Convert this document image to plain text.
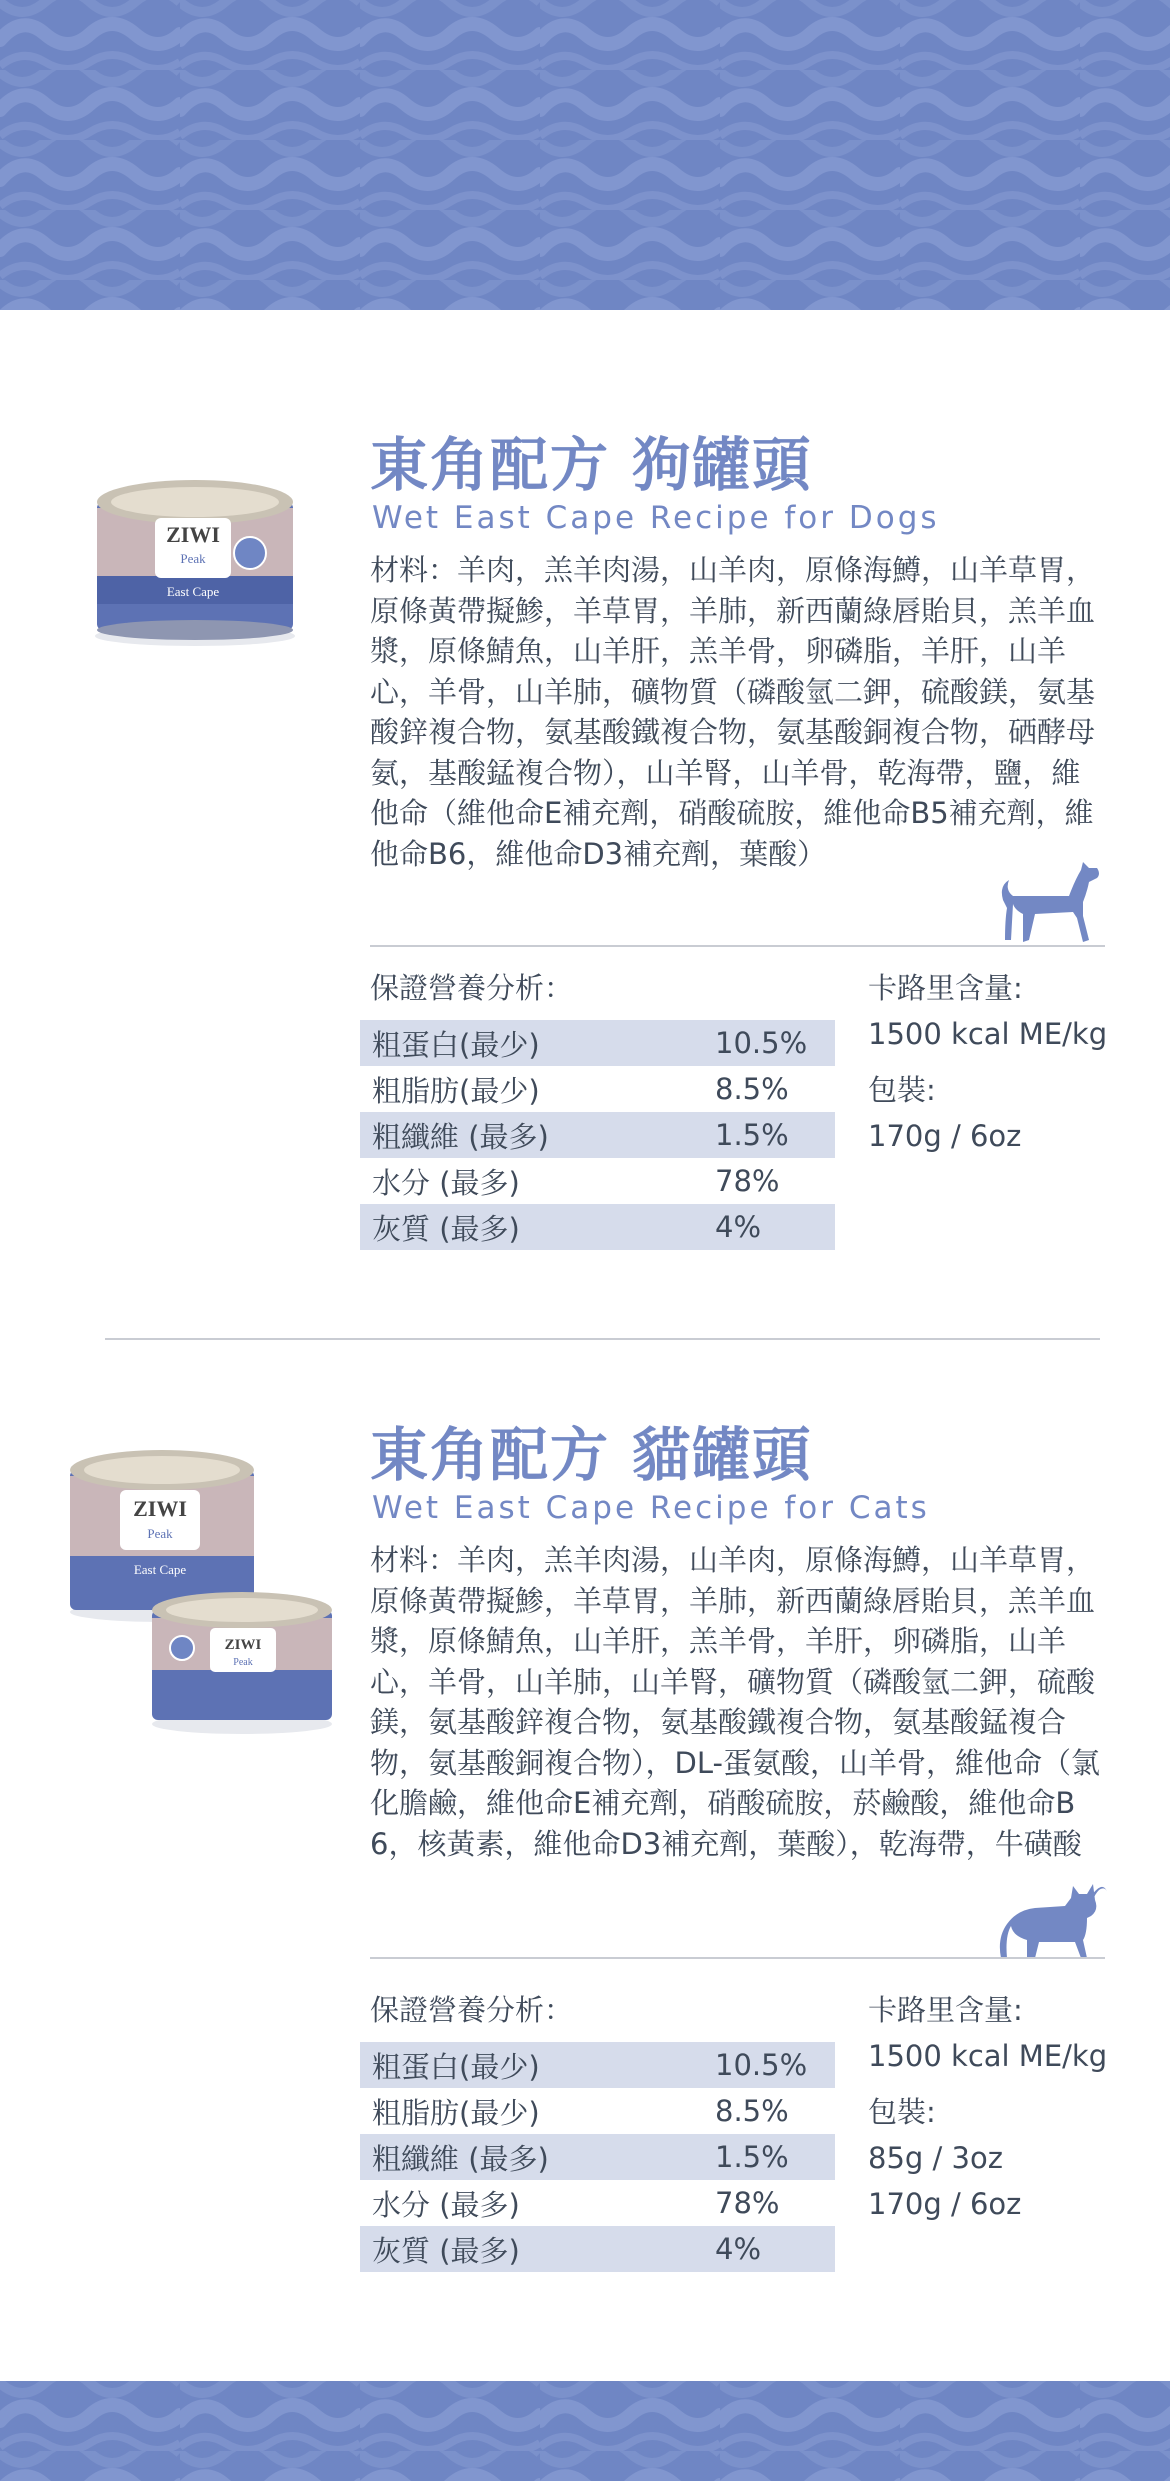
ZIWI
Peak
East Cape
東角配方 狗罐頭
Wet East Cape Recipe for Dogs
材料：羊肉，羔羊肉湯，山羊肉，原條海鱒，山羊草胃，原條黃帶擬鯵，羊草胃，羊肺，新西蘭綠唇貽貝，羔羊血漿，原條鯖魚，山羊肝，羔羊骨，卵磷脂，羊肝，山羊心，羊骨，山羊肺，礦物質（磷酸氫二鉀，硫酸鎂，氨基酸鋅複合物，氨基酸鐵複合物，氨基酸銅複合物，硒酵母氨，基酸錳複合物），山羊腎，山羊骨，乾海帶，鹽，維他命（維他命E補充劑，硝酸硫胺，維他命B5補充劑，維他命B6，維他命D3補充劑，葉酸）
保證營養分析：
粗蛋白(最少)	10.5%
粗脂肪(最少)	8.5%
粗纖維 (最多)	1.5%
水分 (最多)	78%
灰質 (最多)	4%
卡路里含量:
1500 kcal ME/kg
包裝:
170g / 6oz
ZIWI
Peak
East Cape
ZIWI
Peak
東角配方 貓罐頭
Wet East Cape Recipe for Cats
材料：羊肉，羔羊肉湯，山羊肉，原條海鱒，山羊草胃，原條黃帶擬鯵，羊草胃，羊肺，新西蘭綠唇貽貝，羔羊血漿，原條鯖魚，山羊肝，羔羊骨，羊肝，卵磷脂，山羊心，羊骨，山羊肺，山羊腎，礦物質（磷酸氫二鉀，硫酸鎂，氨基酸鋅複合物，氨基酸鐵複合物，氨基酸錳複合物，氨基酸銅複合物），DL-蛋氨酸，山羊骨，維他命（氯化膽鹼，維他命E補充劑，硝酸硫胺，菸鹼酸，維他命B6，核黃素，維他命D3補充劑，葉酸），乾海帶，牛磺酸
保證營養分析：
粗蛋白(最少)	10.5%
粗脂肪(最少)	8.5%
粗纖維 (最多)	1.5%
水分 (最多)	78%
灰質 (最多)	4%
卡路里含量:
1500 kcal ME/kg
包裝:
85g / 3oz
170g / 6oz
